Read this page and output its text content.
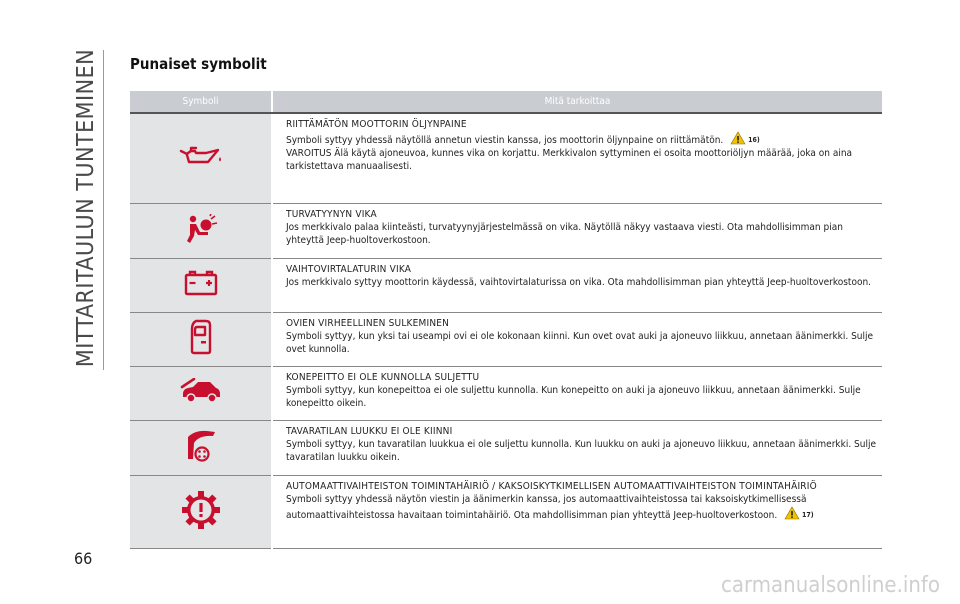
MITTARITAULUN TUNTEMINEN Punaiset symbolit
Symboli	Mitä tarkoittaa

RIITTÄMÄTÖN MOOTTORIN ÖLJYNPAINE
Symboli syttyy yhdessä näytöllä annetun viestin kanssa, jos moottorin öljynpaine on riittämätön. 16)
VAROITUS Älä käytä ajoneuvoa, kunnes vika on korjattu. Merkkivalon syttyminen ei osoita moottoriöljyn määrää, joka on aina tarkistettava manuaalisesti.

TURVATYYNYN VIKA
Jos merkkivalo palaa kiinteästi, turvatyynyjärjestelmässä on vika. Näytöllä näkyy vastaava viesti. Ota mahdollisimman pian yhteyttä Jeep-huoltoverkostoon.

VAIHTOVIRTALATURIN VIKA
Jos merkkivalo syttyy moottorin käydessä, vaihtovirtalaturissa on vika. Ota mahdollisimman pian yhteyttä Jeep-huoltoverkostoon.

OVIEN VIRHEELLINEN SULKEMINEN
Symboli syttyy, kun yksi tai useampi ovi ei ole kokonaan kiinni. Kun ovet ovat auki ja ajoneuvo liikkuu, annetaan äänimerkki. Sulje ovet kunnolla.

KONEPEITTO EI OLE KUNNOLLA SULJETTU
Symboli syttyy, kun konepeittoa ei ole suljettu kunnolla. Kun konepeitto on auki ja ajoneuvo liikkuu, annetaan äänimerkki. Sulje konepeitto oikein.

TAVARATILAN LUUKKU EI OLE KIINNI
Symboli syttyy, kun tavaratilan luukkua ei ole suljettu kunnolla. Kun luukku on auki ja ajoneuvo liikkuu, annetaan äänimerkki. Sulje tavaratilan luukku oikein.

AUTOMAATTIVAIHTEISTON TOIMINTAHÄIRIÖ / KAKSOISKYTKIMELLISEN AUTOMAATTIVAIHTEISTON TOIMINTAHÄIRIÖ
Symboli syttyy yhdessä näytön viestin ja äänimerkin kanssa, jos automaattivaihteistossa tai kaksoiskytkimellisessä automaattivaihteistossa havaitaan toimintahäiriö. Ota mahdollisimman pian yhteyttä Jeep-huoltoverkostoon. 17)
66
carmanualsonline.info
